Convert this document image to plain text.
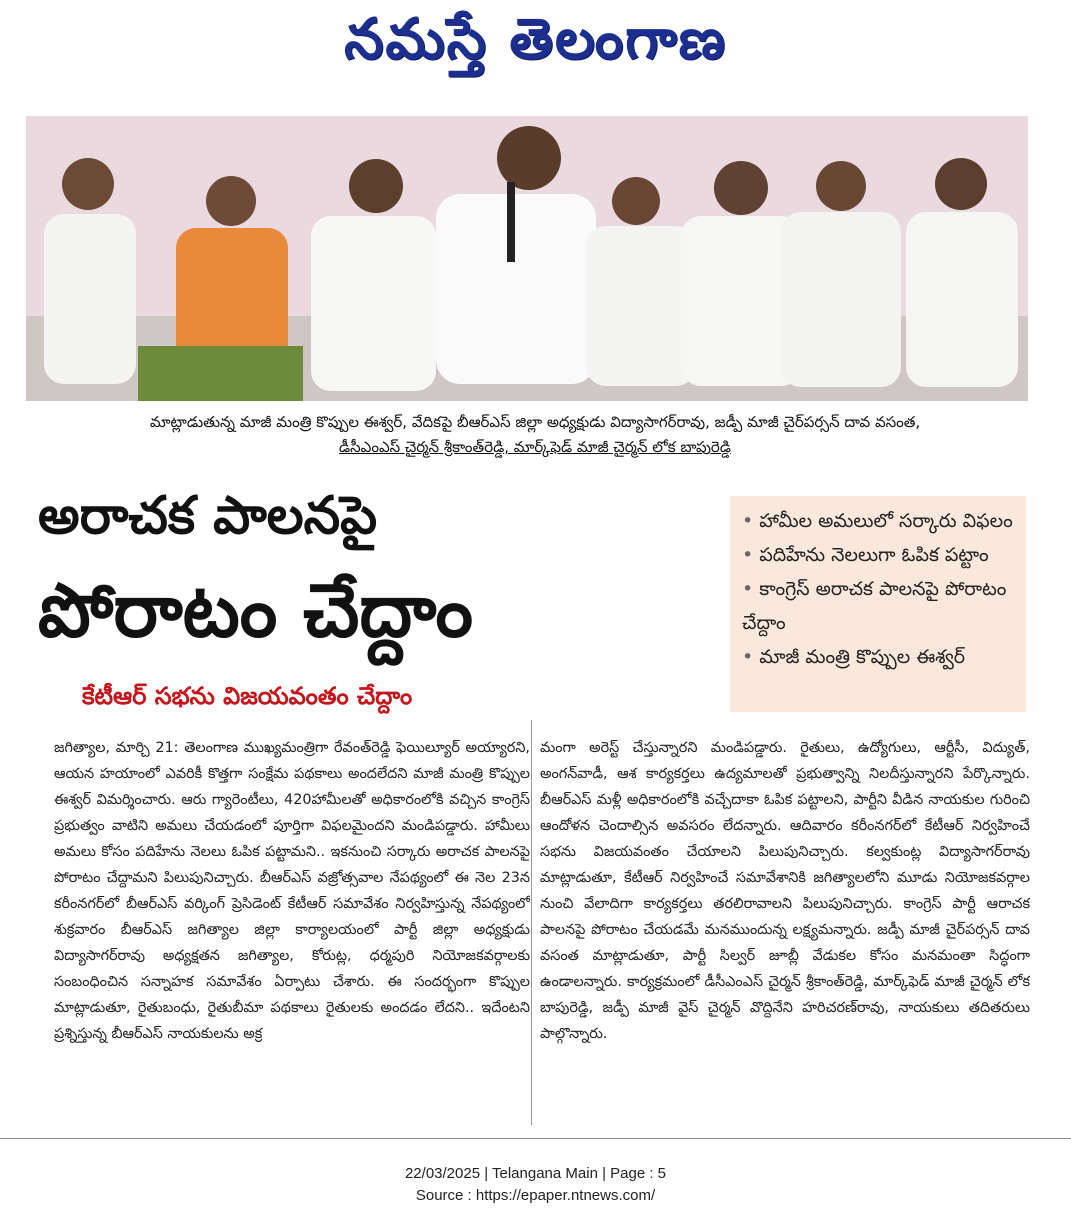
నమస్తే తెలంగాణ
మాట్లాడుతున్న మాజీ మంత్రి కొప్పుల ఈశ్వర్, వేదికపై బీఆర్ఎస్ జిల్లా అధ్యక్షుడు విద్యాసాగర్‌రావు, జడ్పీ మాజీ చైర్‌పర్సన్ దావ వసంత,
డీసీఎంఎస్ చైర్మన్ శ్రీకాంత్‌రెడ్డి, మార్క్‌ఫెడ్ మాజీ చైర్మన్ లోక బాపురెడ్డి
అరాచక పాలనపై
పోరాటం చేద్దాం
కేటీఆర్ సభను విజయవంతం చేద్దాం
• హామీల అమలులో సర్కారు విఫలం
• పదిహేను నెలలుగా ఓపిక పట్టాం
• కాంగ్రెస్ అరాచక పాలనపై పోరాటం చేద్దాం
• మాజీ మంత్రి కొప్పుల ఈశ్వర్
జగిత్యాల, మార్చి 21: తెలంగాణ ముఖ్యమంత్రిగా రేవంత్‌రెడ్డి ఫెయిల్యూర్ అయ్యారని, ఆయన హయాంలో ఎవరికీ కొత్తగా సంక్షేమ పథకాలు అందలేదని మాజీ మంత్రి కొప్పుల ఈశ్వర్ విమర్శించారు. ఆరు గ్యారెంటీలు, 420హామీలతో అధికారంలోకి వచ్చిన కాంగ్రెస్ ప్రభుత్వం వాటిని అమలు చేయడంలో పూర్తిగా విఫలమైందని మండిపడ్డారు. హామీలు అమలు కోసం పదిహేను నెలలు ఓపిక పట్టామని.. ఇకనుంచి సర్కారు అరాచక పాలనపై పోరాటం చేద్దామని పిలుపునిచ్చారు. బీఆర్ఎస్ వజ్రోత్సవాల నేపథ్యంలో ఈ నెల 23న కరీంనగర్‌లో బీఆర్ఎస్ వర్కింగ్ ప్రెసిడెంట్ కేటీఆర్ సమావేశం నిర్వహిస్తున్న నేపథ్యంలో శుక్రవారం బీఆర్ఎస్ జగిత్యాల జిల్లా కార్యాలయంలో పార్టీ జిల్లా అధ్యక్షుడు విద్యాసాగర్‌రావు అధ్యక్షతన జగిత్యాల, కోరుట్ల, ధర్మపురి నియోజకవర్గాలకు సంబంధించిన సన్నాహక సమావేశం ఏర్పాటు చేశారు. ఈ సందర్భంగా కొప్పుల మాట్లాడుతూ, రైతుబంధు, రైతుబీమా పథకాలు రైతులకు అందడం లేదని.. ఇదేంటని ప్రశ్నిస్తున్న బీఆర్ఎస్ నాయకులను అక్ర
మంగా అరెస్ట్ చేస్తున్నారని మండిపడ్డారు. రైతులు, ఉద్యోగులు, ఆర్టీసీ, విద్యుత్, అంగన్‌వాడీ, ఆశ కార్యకర్తలు ఉద్యమాలతో ప్రభుత్వాన్ని నిలదీస్తున్నారని పేర్కొన్నారు. బీఆర్ఎస్ మళ్లీ అధికారంలోకి వచ్చేదాకా ఓపిక పట్టాలని, పార్టీని వీడిన నాయకుల గురించి ఆందోళన చెందాల్సిన అవసరం లేదన్నారు. ఆదివారం కరీంనగర్‌లో కేటీఆర్ నిర్వహించే సభను విజయవంతం చేయాలని పిలుపునిచ్చారు. కల్వకుంట్ల విద్యాసాగర్‌రావు మాట్లాడుతూ, కేటీఆర్ నిర్వహించే సమావేశానికి జగిత్యాలలోని మూడు నియోజకవర్గాల నుంచి వేలాదిగా కార్యకర్తలు తరలిరావాలని పిలుపునిచ్చారు. కాంగ్రెస్ పార్టీ ఆరాచక పాలనపై పోరాటం చేయడమే మనముందున్న లక్ష్యమన్నారు. జడ్పీ మాజీ చైర్‌పర్సన్ దావ వసంత మాట్లాడుతూ, పార్టీ సిల్వర్ జూబ్లీ వేడుకల కోసం మనమంతా సిద్ధంగా ఉండాలన్నారు. కార్యక్రమంలో డీసీఎంఎస్ చైర్మన్ శ్రీకాంత్‌రెడ్డి, మార్క్‌ఫెడ్ మాజీ చైర్మన్ లోక బాపురెడ్డి, జడ్పీ మాజీ వైస్ చైర్మన్ వొద్దినేని హరిచరణ్‌రావు, నాయకులు తదితరులు పాల్గొన్నారు.
22/03/2025 | Telangana Main | Page : 5
Source : https://epaper.ntnews.com/
